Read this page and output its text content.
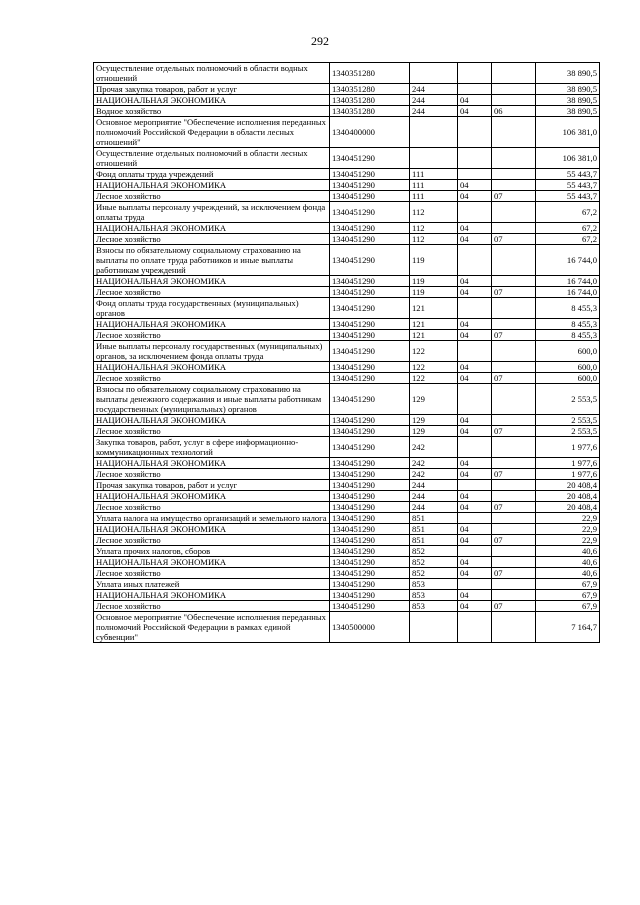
292
Осуществление отдельных полномочий в области водных отношений	1340351280				38 890,5
Прочая закупка товаров, работ и услуг	1340351280	244			38 890,5
НАЦИОНАЛЬНАЯ ЭКОНОМИКА	1340351280	244	04		38 890,5
Водное хозяйство	1340351280	244	04	06	38 890,5
Основное мероприятие "Обеспечение исполнения переданных полномочий Российской Федерации в области лесных отношений"	1340400000				106 381,0
Осуществление отдельных полномочий в области лесных отношений	1340451290				106 381,0
Фонд оплаты труда учреждений	1340451290	111			55 443,7
НАЦИОНАЛЬНАЯ ЭКОНОМИКА	1340451290	111	04		55 443,7
Лесное хозяйство	1340451290	111	04	07	55 443,7
Иные выплаты персоналу учреждений, за исключением фонда оплаты труда	1340451290	112			67,2
НАЦИОНАЛЬНАЯ ЭКОНОМИКА	1340451290	112	04		67,2
Лесное хозяйство	1340451290	112	04	07	67,2
Взносы по обязательному социальному страхованию на выплаты по оплате труда работников и иные выплаты работникам учреждений	1340451290	119			16 744,0
НАЦИОНАЛЬНАЯ ЭКОНОМИКА	1340451290	119	04		16 744,0
Лесное хозяйство	1340451290	119	04	07	16 744,0
Фонд оплаты труда государственных (муниципальных) органов	1340451290	121			8 455,3
НАЦИОНАЛЬНАЯ ЭКОНОМИКА	1340451290	121	04		8 455,3
Лесное хозяйство	1340451290	121	04	07	8 455,3
Иные выплаты персоналу государственных (муниципальных) органов, за исключением фонда оплаты труда	1340451290	122			600,0
НАЦИОНАЛЬНАЯ ЭКОНОМИКА	1340451290	122	04		600,0
Лесное хозяйство	1340451290	122	04	07	600,0
Взносы по обязательному социальному страхованию на выплаты денежного содержания и иные выплаты работникам государственных (муниципальных) органов	1340451290	129			2 553,5
НАЦИОНАЛЬНАЯ ЭКОНОМИКА	1340451290	129	04		2 553,5
Лесное хозяйство	1340451290	129	04	07	2 553,5
Закупка товаров, работ, услуг в сфере информационно-коммуникационных технологий	1340451290	242			1 977,6
НАЦИОНАЛЬНАЯ ЭКОНОМИКА	1340451290	242	04		1 977,6
Лесное хозяйство	1340451290	242	04	07	1 977,6
Прочая закупка товаров, работ и услуг	1340451290	244			20 408,4
НАЦИОНАЛЬНАЯ ЭКОНОМИКА	1340451290	244	04		20 408,4
Лесное хозяйство	1340451290	244	04	07	20 408,4
Уплата налога на имущество организаций и земельного налога	1340451290	851			22,9
НАЦИОНАЛЬНАЯ ЭКОНОМИКА	1340451290	851	04		22,9
Лесное хозяйство	1340451290	851	04	07	22,9
Уплата прочих налогов, сборов	1340451290	852			40,6
НАЦИОНАЛЬНАЯ ЭКОНОМИКА	1340451290	852	04		40,6
Лесное хозяйство	1340451290	852	04	07	40,6
Уплата иных платежей	1340451290	853			67,9
НАЦИОНАЛЬНАЯ ЭКОНОМИКА	1340451290	853	04		67,9
Лесное хозяйство	1340451290	853	04	07	67,9
Основное мероприятие "Обеспечение исполнения переданных полномочий Российской Федерации в рамках единой субвенции"	1340500000				7 164,7
